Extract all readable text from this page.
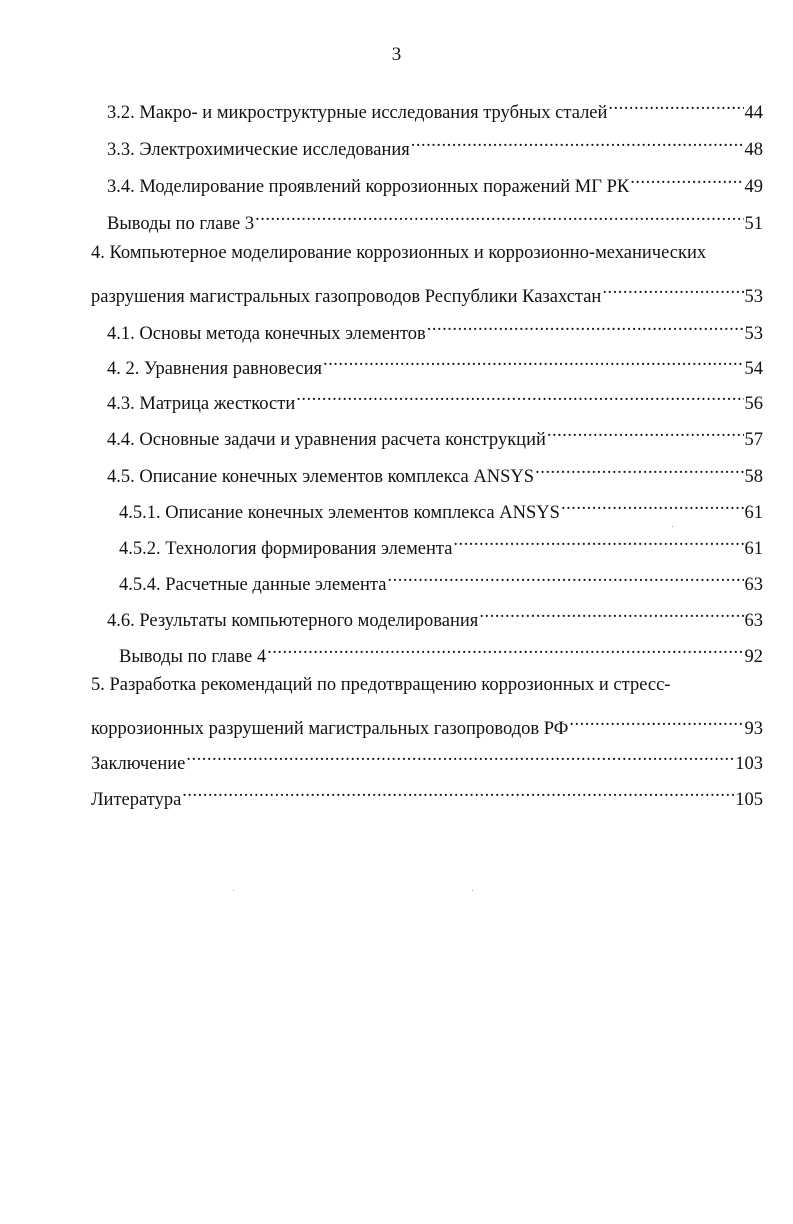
3
3.2. Макро- и микроструктурные исследования трубных сталей .....	44
3.3. Электрохимические исследования .....	48
3.4. Моделирование проявлений коррозионных поражений МГ РК .....	49
Выводы по главе 3 .....	51
4. Компьютерное моделирование коррозионных и коррозионно-механических
разрушения магистральных газопроводов Республики Казахстан .....	53
4.1. Основы метода конечных элементов .....	53
4. 2. Уравнения равновесия .....	54
4.3. Матрица жесткости .....	56
4.4. Основные задачи и уравнения расчета конструкций .....	57
4.5. Описание конечных элементов комплекса ANSYS .....	58
4.5.1. Описание конечных элементов комплекса ANSYS .....	61
4.5.2. Технология формирования элемента .....	61
4.5.4. Расчетные данные элемента .....	63
4.6. Результаты компьютерного моделирования .....	63
Выводы по главе 4 .....	92
5. Разработка рекомендаций по предотвращению коррозионных и стресс-
коррозионных разрушений магистральных газопроводов РФ .....	93
Заключение .....	103
Литература .....	105
